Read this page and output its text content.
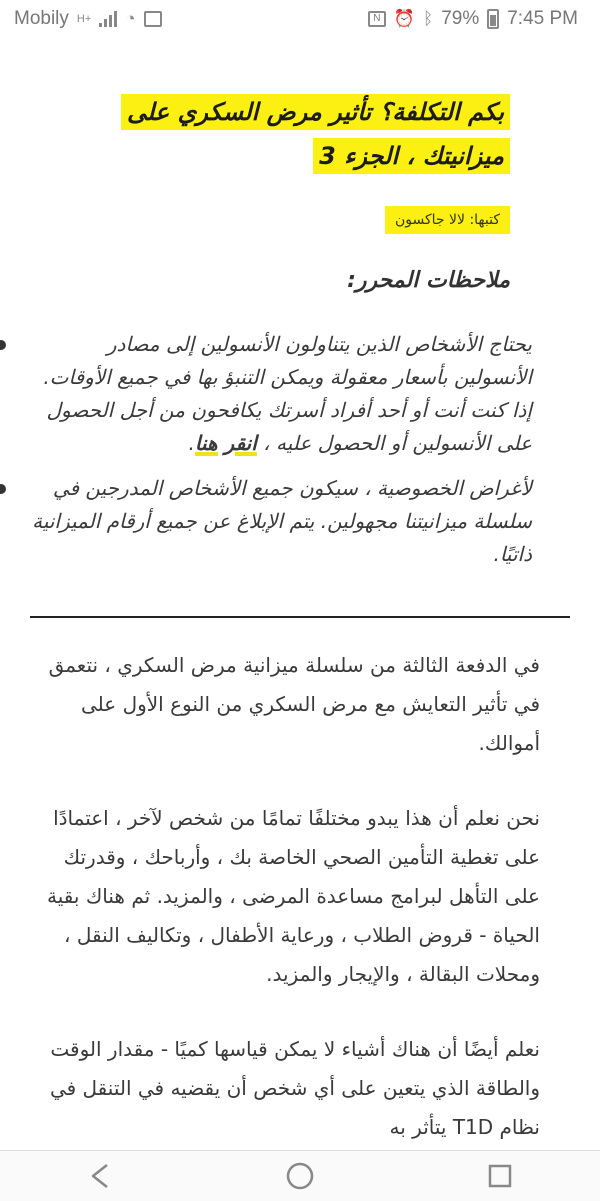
Mobily H+ ◔	N ⏰ ᛒ 79% 7:45 PM
بكم التكلفة؟ تأثير مرض السكري على
ميزانيتك ، الجزء 3
كتبها: لالا جاكسون
ملاحظات المحرر:
يحتاج الأشخاص الذين يتناولون الأنسولين إلى مصادر الأنسولين بأسعار معقولة ويمكن التنبؤ بها في جميع الأوقات. إذا كنت أنت أو أحد أفراد أسرتك يكافحون من أجل الحصول على الأنسولين أو الحصول عليه ، انقر هنا.
لأغراض الخصوصية ، سيكون جميع الأشخاص المدرجين في سلسلة ميزانيتنا مجهولين. يتم الإبلاغ عن جميع أرقام الميزانية ذاتيًا.

في الدفعة الثالثة من سلسلة ميزانية مرض السكري ، نتعمق في تأثير التعايش مع مرض السكري من النوع الأول على أموالك.

نحن نعلم أن هذا يبدو مختلفًا تمامًا من شخص لآخر ، اعتمادًا على تغطية التأمين الصحي الخاصة بك ، وأرباحك ، وقدرتك على التأهل لبرامج مساعدة المرضى ، والمزيد. ثم هناك بقية الحياة - قروض الطلاب ، ورعاية الأطفال ، وتكاليف النقل ، ومحلات البقالة ، والإيجار والمزيد.

نعلم أيضًا أن هناك أشياء لا يمكن قياسها كميًا - مقدار الوقت والطاقة الذي يتعين على أي شخص أن يقضيه في التنقل في نظام T1D يتأثر به
